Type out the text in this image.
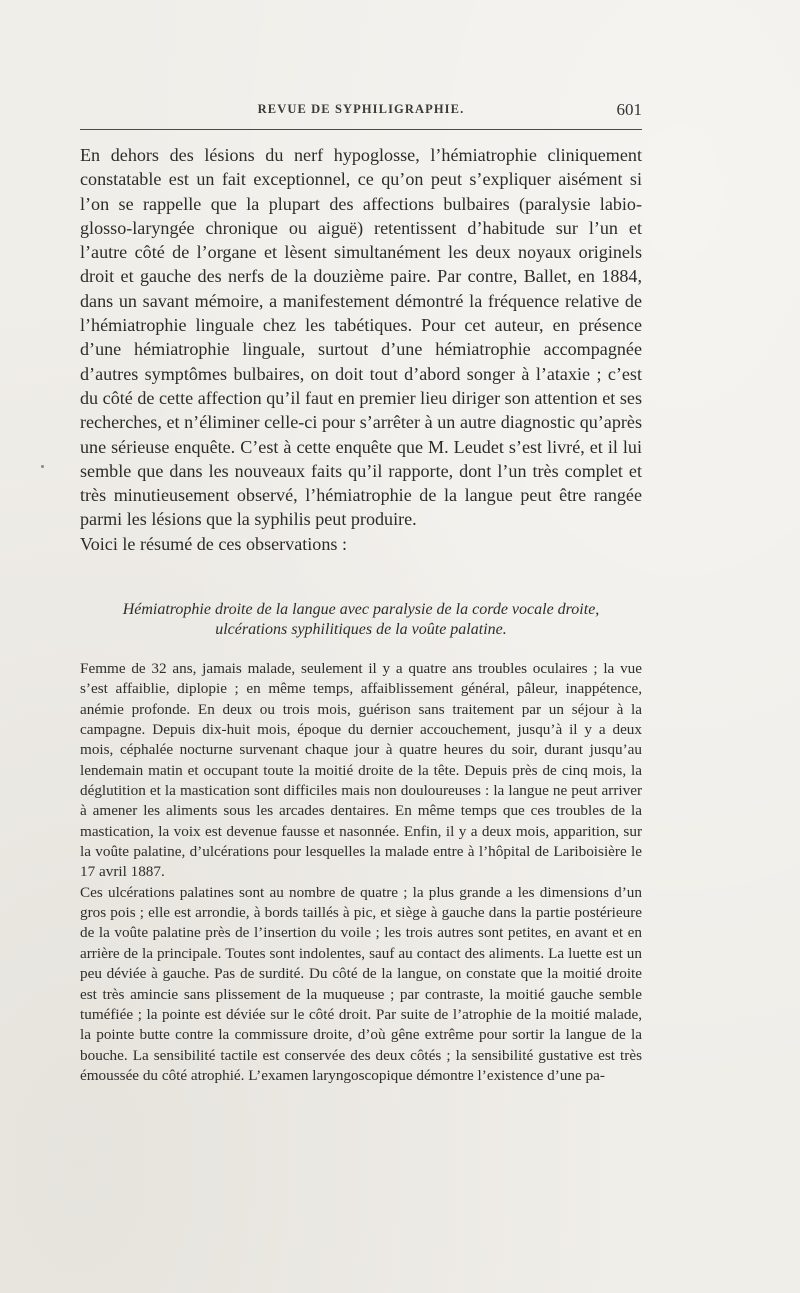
REVUE DE SYPHILIGRAPHIE.	601

En dehors des lésions du nerf hypoglosse, l’hémiatrophie cliniquement constatable est un fait exceptionnel, ce qu’on peut s’expliquer aisément si l’on se rappelle que la plupart des affections bulbaires (paralysie labio-glosso-laryngée chronique ou aiguë) retentissent d’habitude sur l’un et l’autre côté de l’organe et lèsent simultanément les deux noyaux originels droit et gauche des nerfs de la douzième paire. Par contre, Ballet, en 1884, dans un savant mémoire, a manifestement démontré la fréquence relative de l’hémiatrophie linguale chez les tabétiques. Pour cet auteur, en présence d’une hémiatrophie linguale, surtout d’une hémiatrophie accompagnée d’autres symptômes bulbaires, on doit tout d’abord songer à l’ataxie ; c’est du côté de cette affection qu’il faut en premier lieu diriger son attention et ses recherches, et n’éliminer celle-ci pour s’arrêter à un autre diagnostic qu’après une sérieuse enquête. C’est à cette enquête que M. Leudet s’est livré, et il lui semble que dans les nouveaux faits qu’il rapporte, dont l’un très complet et très minutieusement observé, l’hémiatrophie de la langue peut être rangée parmi les lésions que la syphilis peut produire.

Voici le résumé de ces observations :

Hémiatrophie droite de la langue avec paralysie de la corde vocale droite,
ulcérations syphilitiques de la voûte palatine.

Femme de 32 ans, jamais malade, seulement il y a quatre ans troubles oculaires ; la vue s’est affaiblie, diplopie ; en même temps, affaiblissement général, pâleur, inappétence, anémie profonde. En deux ou trois mois, guérison sans traitement par un séjour à la campagne. Depuis dix-huit mois, époque du dernier accouchement, jusqu’à il y a deux mois, céphalée nocturne survenant chaque jour à quatre heures du soir, durant jusqu’au lendemain matin et occupant toute la moitié droite de la tête. Depuis près de cinq mois, la déglutition et la mastication sont difficiles mais non douloureuses : la langue ne peut arriver à amener les aliments sous les arcades dentaires. En même temps que ces troubles de la mastication, la voix est devenue fausse et nasonnée. Enfin, il y a deux mois, apparition, sur la voûte palatine, d’ulcérations pour lesquelles la malade entre à l’hôpital de Lariboisière le 17 avril 1887.

Ces ulcérations palatines sont au nombre de quatre ; la plus grande a les dimensions d’un gros pois ; elle est arrondie, à bords taillés à pic, et siège à gauche dans la partie postérieure de la voûte palatine près de l’insertion du voile ; les trois autres sont petites, en avant et en arrière de la principale. Toutes sont indolentes, sauf au contact des aliments. La luette est un peu déviée à gauche. Pas de surdité. Du côté de la langue, on constate que la moitié droite est très amincie sans plissement de la muqueuse ; par contraste, la moitié gauche semble tuméfiée ; la pointe est déviée sur le côté droit. Par suite de l’atrophie de la moitié malade, la pointe butte contre la commissure droite, d’où gêne extrême pour sortir la langue de la bouche. La sensibilité tactile est conservée des deux côtés ; la sensibilité gustative est très émoussée du côté atrophié. L’examen laryngoscopique démontre l’existence d’une pa-
